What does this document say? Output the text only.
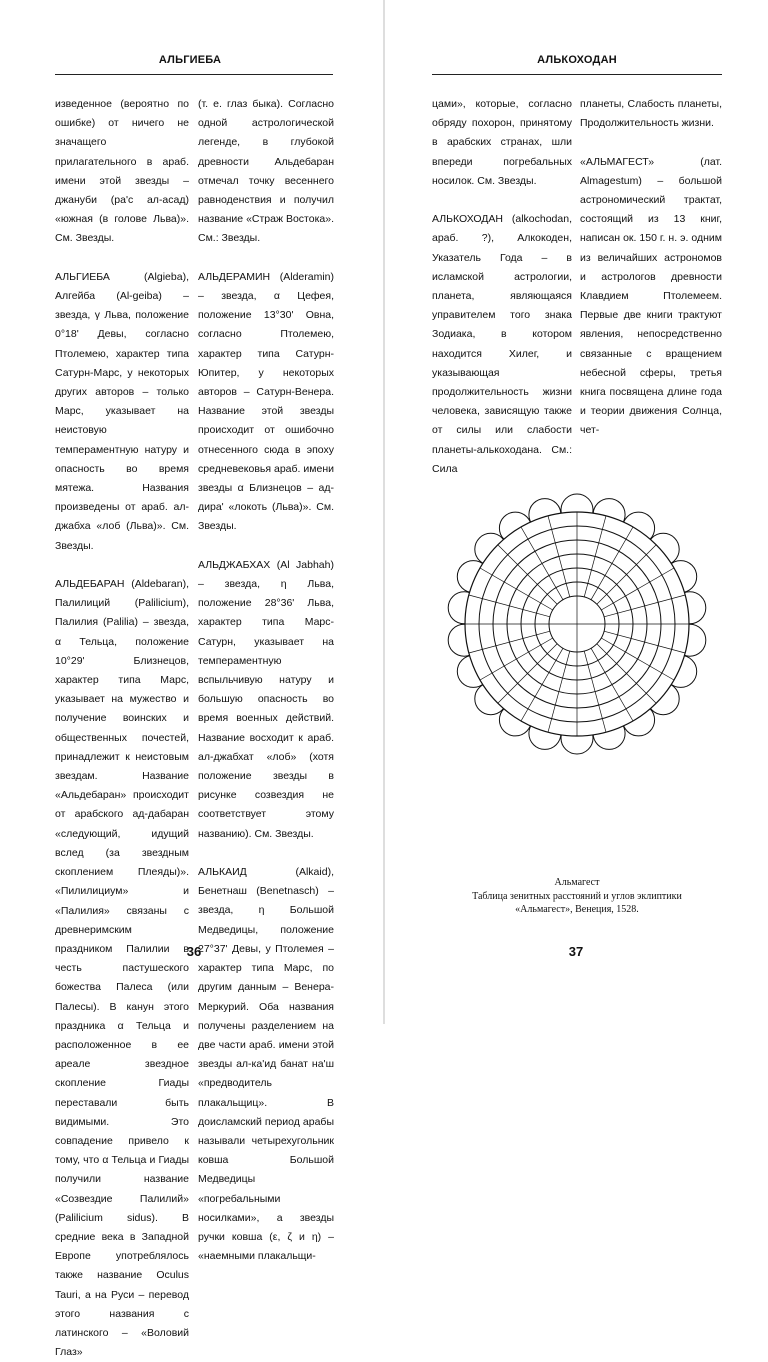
АЛЬГИЕБА

изведенное (вероятно по ошибке) от ничего не значащего прилагательного в араб. имени этой звезды – джануби (ра'с ал-асад) «южная (в голове Льва)». См. Звезды.

АЛЬГИЕБА (Algieba), Алгейба (Al-geiba) – звезда, γ Льва, положение 0°18' Девы, согласно Птолемею, характер типа Сатурн-Марс, у некоторых других авторов – только Марс, указывает на неистовую темпераментную натуру и опасность во время мятежа. Названия произведены от араб. ал-джабха «лоб (Льва)». См. Звезды.

АЛЬДЕБАРАН (Aldebaran), Палилиций (Palilicium), Палилия (Palilia) – звезда, α Тельца, положение 10°29' Близнецов, характер типа Марс, указывает на мужество и получение воинских и общественных почестей, принадлежит к неистовым звездам. Название «Альдебаран» происходит от арабского ад-дабаран «следующий, идущий вслед (за звездным скоплением Плеяды)». «Пилилициум» и «Палилия» связаны с древнеримским праздником Палилии в честь пастушеского божества Палеса (или Палесы). В канун этого праздника α Тельца и расположенное в ее ареале звездное скопление Гиады переставали быть видимыми. Это совпадение привело к тому, что α Тельца и Гиады получили название «Созвездие Палилий» (Palilicium sidus). В средние века в Западной Европе употреблялось также название Oculus Tauri, а на Руси – перевод этого названия с латинского – «Воловий Глаз»

(т. е. глаз быка). Согласно одной астрологической легенде, в глубокой древности Альдебаран отмечал точку весеннего равноденствия и получил название «Страж Востока». См.: Звезды.

АЛЬДЕРАМИН (Alderamin) – звезда, α Цефея, положение 13°30' Овна, согласно Птолемею, характер типа Сатурн-Юпитер, у некоторых авторов – Сатурн-Венера. Название этой звезды происходит от ошибочно отнесенного сюда в эпоху средневековья араб. имени звезды α Близнецов – ад-дира' «локоть (Льва)». См. Звезды.

АЛЬДЖАБХАХ (Al Jabhah) – звезда, η Льва, положение 28°36' Льва, характер типа Марс-Сатурн, указывает на темпераментную вспыльчивую натуру и большую опасность во время военных действий. Название восходит к араб. ал-джабхат «лоб» (хотя положение звезды в рисунке созвездия не соответствует этому названию). См. Звезды.

АЛЬКАИД (Alkaid), Бенетнаш (Benetnasch) – звезда, η Большой Медведицы, положение 27°37' Девы, у Птолемея – характер типа Марс, по другим данным – Венера-Меркурий. Оба названия получены разделением на две части араб. имени этой звезды ал-ка'ид банат на'ш «предводитель плакальщиц». В доисламский период арабы называли четырехугольник ковша Большой Медведицы «погребальными носилками», а звезды ручки ковша (ε, ζ и η) – «наемными плакальщи-

36
АЛЬКОХОДАН

цами», которые, согласно обряду похорон, принятому в арабских странах, шли впереди погребальных носилок. См. Звезды.

АЛЬКОХОДАН (alkochodan, араб. ?), Алкокоден, Указатель Года – в исламской астрологии, планета, являющаяся управителем того знака Зодиака, в котором находится Хилег, и указывающая продолжительность жизни человека, зависящую также от силы или слабости планеты-алькоходана. См.: Сила

планеты, Слабость планеты, Продолжительность жизни.

«АЛЬМАГЕСТ» (лат. Almagestum) – большой астрономический трактат, состоящий из 13 книг, написан ок. 150 г. н. э. одним из величайших астрономов и астрологов древности Клавдием Птолемеем. Первые две книги трактуют явления, непосредственно связанные с вращением небесной сферы, третья книга посвящена длине года и теории движения Солнца, чет-

Альмагест
Таблица зенитных расстояний и углов эклиптики
«Альмагест», Венеция, 1528.
37
